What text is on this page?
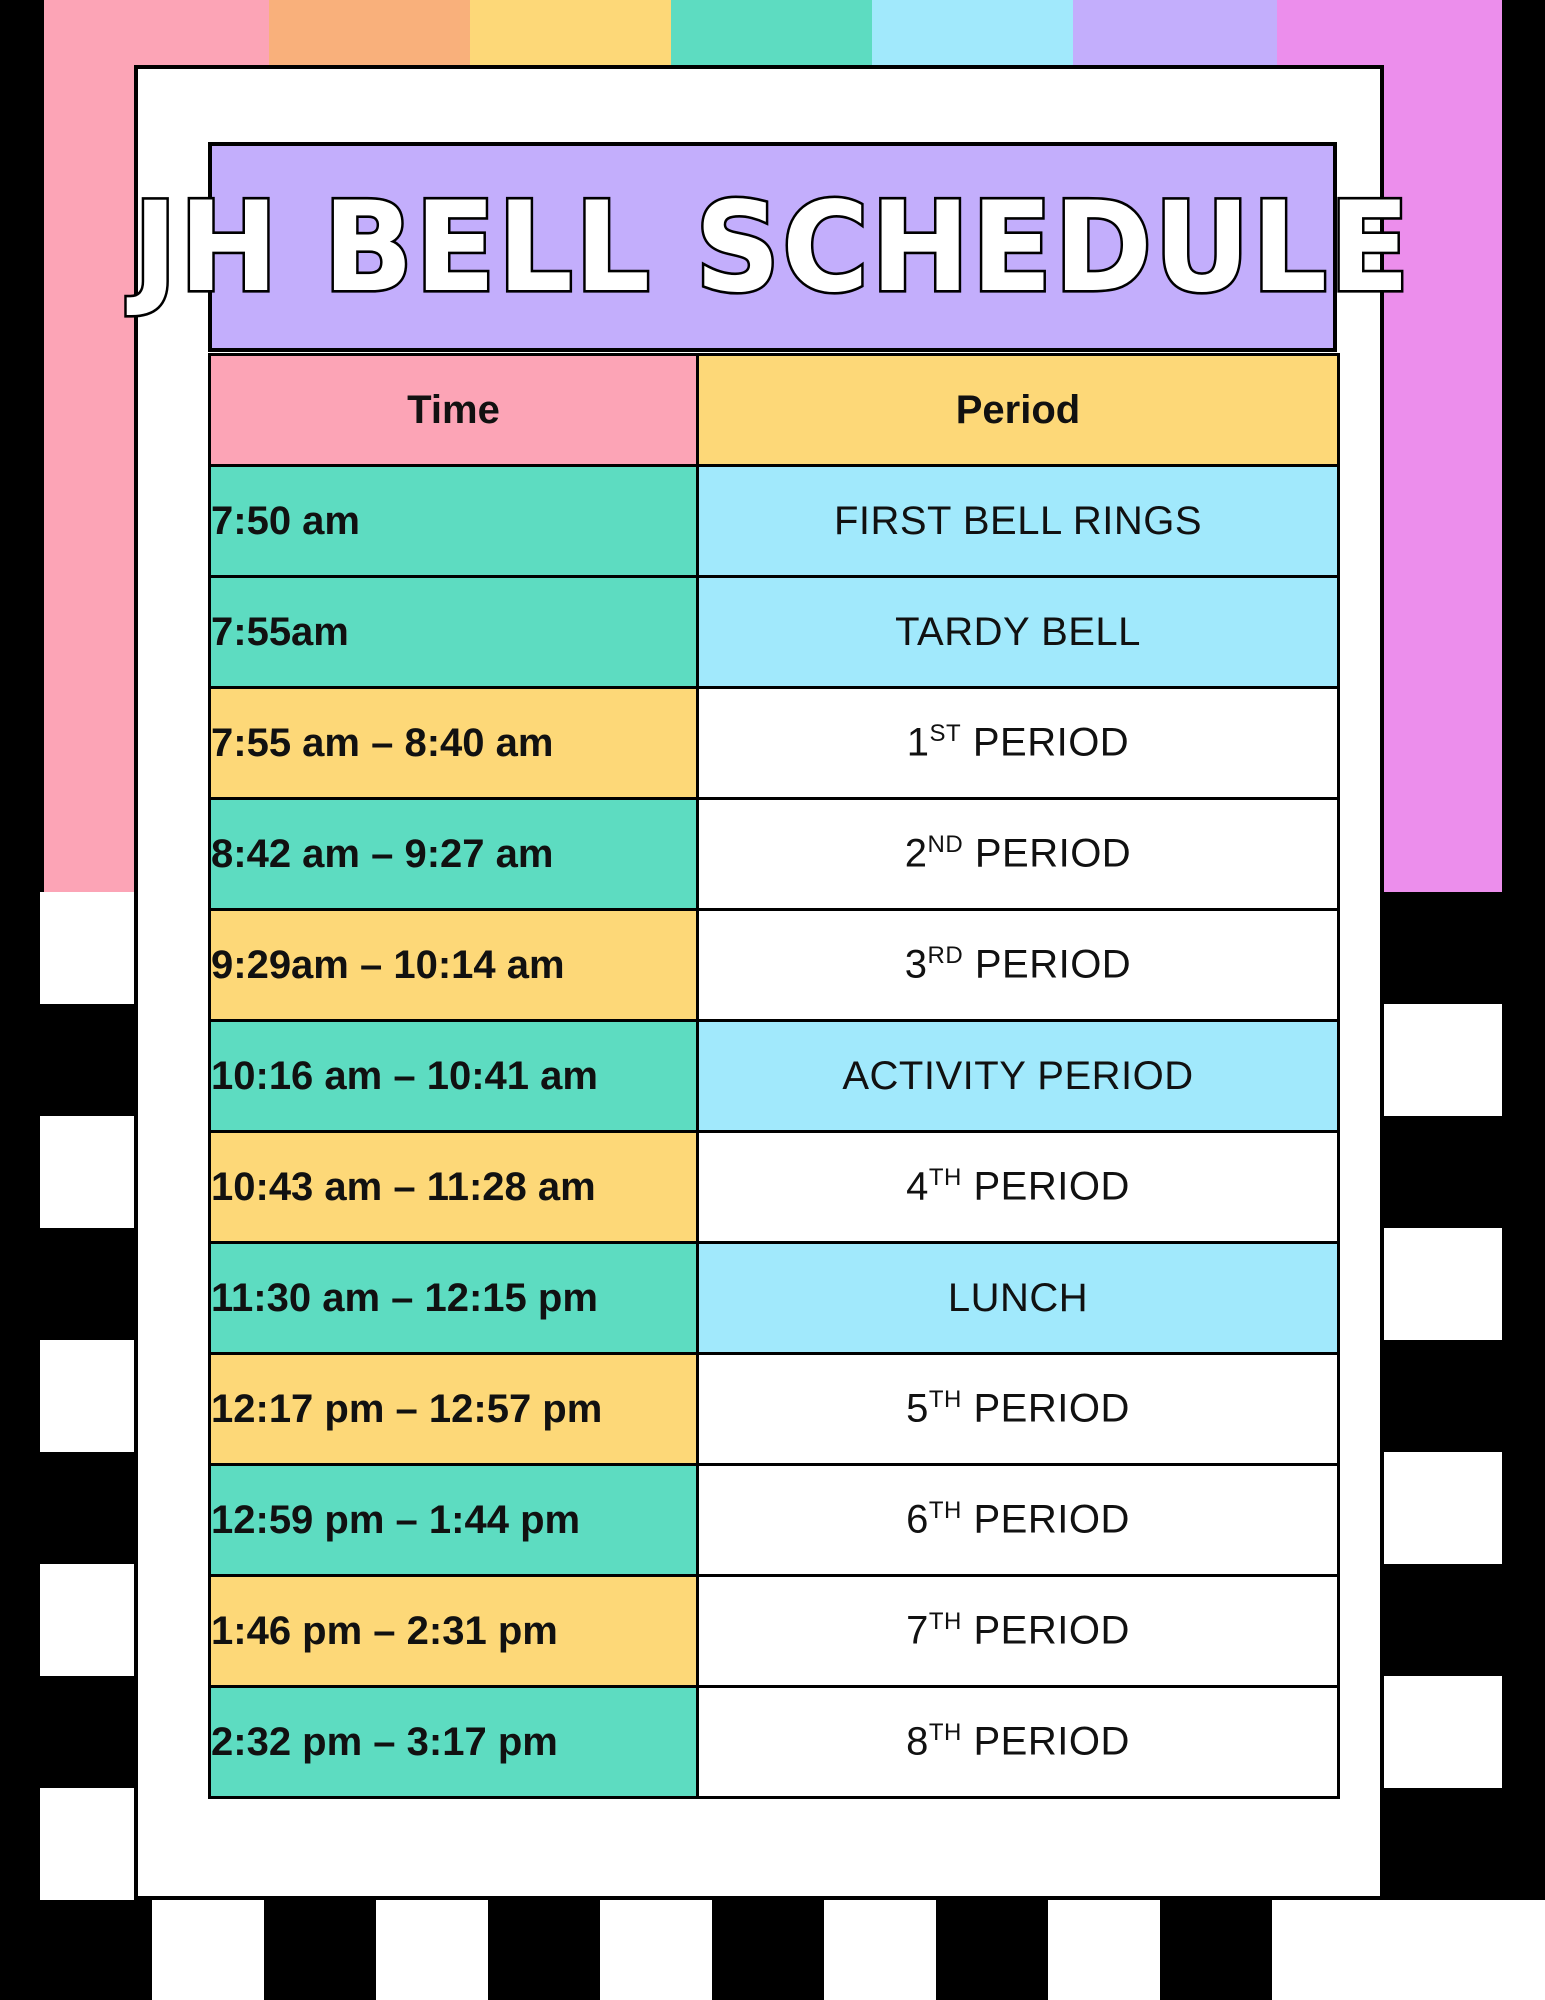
JH BELL SCHEDULE
Time	Period
7:50 am	FIRST BELL RINGS
7:55am	TARDY BELL
7:55 am – 8:40 am	1ST PERIOD
8:42 am – 9:27 am	2ND PERIOD
9:29am – 10:14 am	3RD PERIOD
10:16 am – 10:41 am	ACTIVITY PERIOD
10:43 am – 11:28 am	4TH PERIOD
11:30 am – 12:15 pm	LUNCH
12:17 pm – 12:57 pm	5TH PERIOD
12:59 pm – 1:44 pm	6TH PERIOD
1:46 pm – 2:31 pm	7TH PERIOD
2:32 pm – 3:17 pm	8TH PERIOD
